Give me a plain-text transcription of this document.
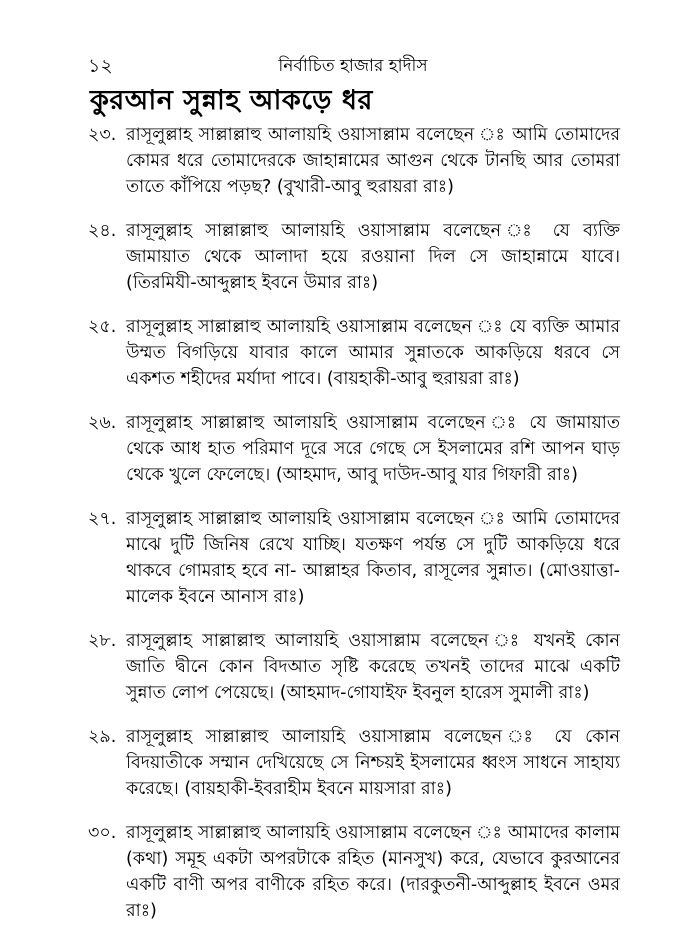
১২	নির্বাচিত হাজার হাদীস
কুরআন সুন্নাহ আকড়ে ধর
২৩. রাসূলুল্লাহ সাল্লাল্লাহু আলায়হি ওয়াসাল্লাম বলেছেন ঃ আমি তোমাদের কোমর ধরে তোমাদেরকে জাহান্নামের আগুন থেকে টানছি আর তোমরা তাতে কাঁপিয়ে পড়ছ? (বুখারী-আবু হুরায়রা রাঃ)
২৪. রাসূলুল্লাহ সাল্লাল্লাহু আলায়হি ওয়াসাল্লাম বলেছেন ঃ যে ব্যক্তি জামায়াত থেকে আলাদা হয়ে রওয়ানা দিল সে জাহান্নামে যাবে। (তিরমিযী-আব্দুল্লাহ ইবনে উমার রাঃ)
২৫. রাসূলুল্লাহ সাল্লাল্লাহু আলায়হি ওয়াসাল্লাম বলেছেন ঃ যে ব্যক্তি আমার উম্মত বিগড়িয়ে যাবার কালে আমার সুন্নাতকে আকড়িয়ে ধরবে সে একশত শহীদের মর্যাদা পাবে। (বায়হাকী-আবু হুরায়রা রাঃ)
২৬. রাসূলুল্লাহ সাল্লাল্লাহু আলায়হি ওয়াসাল্লাম বলেছেন ঃ যে জামায়াত থেকে আধ হাত পরিমাণ দূরে সরে গেছে সে ইসলামের রশি আপন ঘাড় থেকে খুলে ফেলেছে। (আহমাদ, আবু দাউদ-আবু যার গিফারী রাঃ)
২৭. রাসূলুল্লাহ সাল্লাল্লাহু আলায়হি ওয়াসাল্লাম বলেছেন ঃ আমি তোমাদের মাঝে দুটি জিনিষ রেখে যাচ্ছি। যতক্ষণ পর্যন্ত সে দুটি আকড়িয়ে ধরে থাকবে গোমরাহ হবে না- আল্লাহর কিতাব, রাসূলের সুন্নাত। (মোওয়াত্তা-মালেক ইবনে আনাস রাঃ)
২৮. রাসূলুল্লাহ সাল্লাল্লাহু আলায়হি ওয়াসাল্লাম বলেছেন ঃ যখনই কোন জাতি দ্বীনে কোন বিদআত সৃষ্টি করেছে তখনই তাদের মাঝে একটি সুন্নাত লোপ পেয়েছে। (আহমাদ-গোযাইফ ইবনুল হারেস সুমালী রাঃ)
২৯. রাসূলুল্লাহ সাল্লাল্লাহু আলায়হি ওয়াসাল্লাম বলেছেন ঃ যে কোন বিদয়াতীকে সম্মান দেখিয়েছে সে নিশ্চয়ই ইসলামের ধ্বংস সাধনে সাহায্য করেছে। (বায়হাকী-ইবরাহীম ইবনে মায়সারা রাঃ)
৩০. রাসূলুল্লাহ সাল্লাল্লাহু আলায়হি ওয়াসাল্লাম বলেছেন ঃ আমাদের কালাম (কথা) সমূহ একটা অপরটাকে রহিত (মানসুখ) করে, যেভাবে কুরআনের একটি বাণী অপর বাণীকে রহিত করে। (দারকুতনী-আব্দুল্লাহ ইবনে ওমর রাঃ)
